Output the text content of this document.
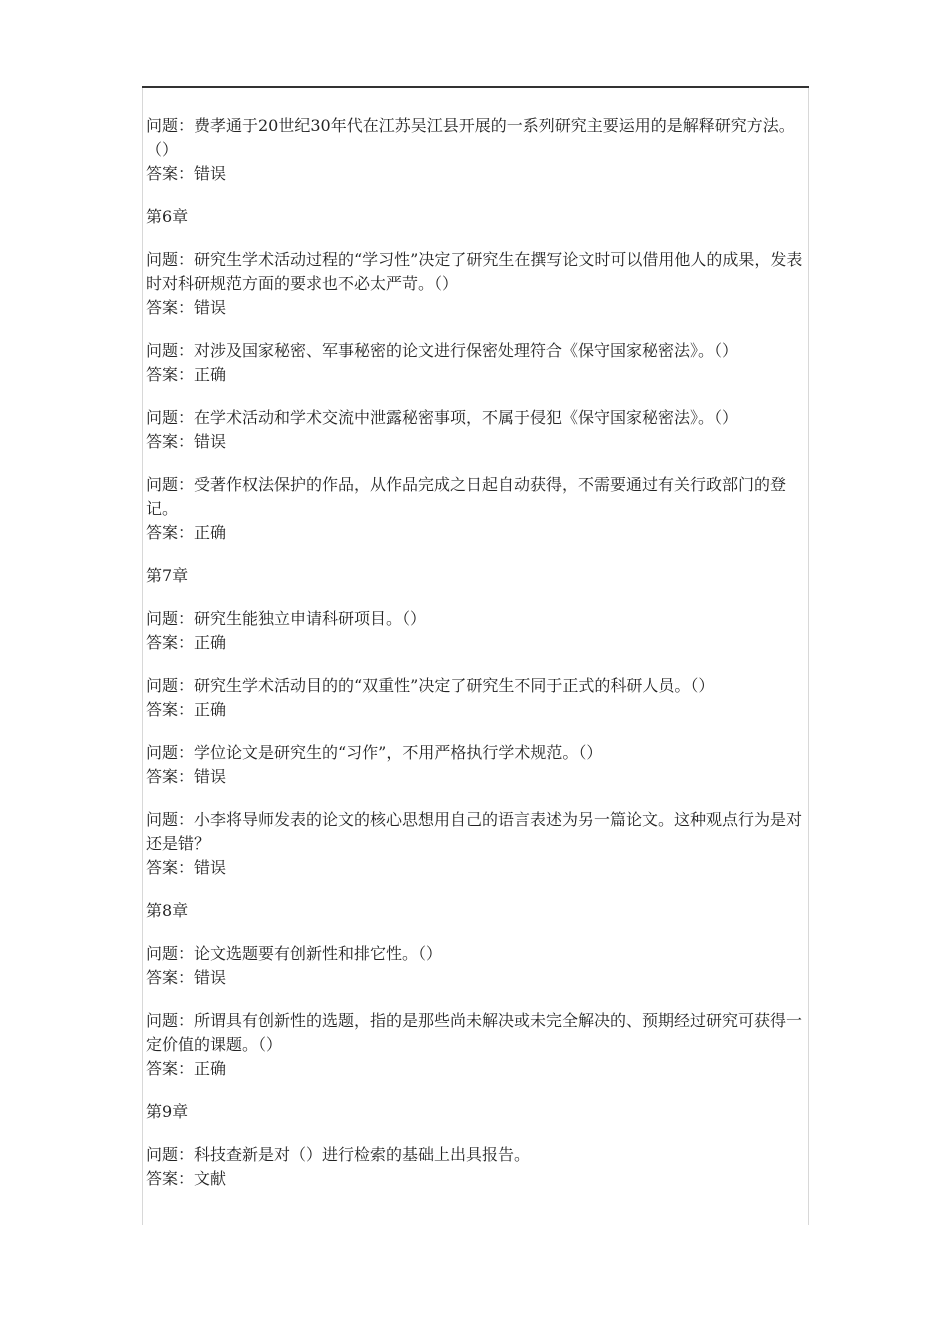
问题：费孝通于20世纪30年代在江苏吴江县开展的一系列研究主要运用的是解释研究方法。（）

答案：错误

第6章

问题：研究生学术活动过程的“学习性”决定了研究生在撰写论文时可以借用他人的成果，发表时对科研规范方面的要求也不必太严苛。（）

答案：错误

问题：对涉及国家秘密、军事秘密的论文进行保密处理符合《保守国家秘密法》。（）

答案：正确

问题：在学术活动和学术交流中泄露秘密事项，不属于侵犯《保守国家秘密法》。（）

答案：错误

问题：受著作权法保护的作品，从作品完成之日起自动获得，不需要通过有关行政部门的登记。

答案：正确

第7章

问题：研究生能独立申请科研项目。（）

答案：正确

问题：研究生学术活动目的的“双重性”决定了研究生不同于正式的科研人员。（）

答案：正确

问题：学位论文是研究生的“习作”，不用严格执行学术规范。（）

答案：错误

问题：小李将导师发表的论文的核心思想用自己的语言表述为另一篇论文。这种观点行为是对还是错？

答案：错误

第8章

问题：论文选题要有创新性和排它性。（）

答案：错误

问题：所谓具有创新性的选题，指的是那些尚未解决或未完全解决的、预期经过研究可获得一定价值的课题。（）

答案：正确

第9章

问题：科技查新是对（）进行检索的基础上出具报告。

答案：文献
